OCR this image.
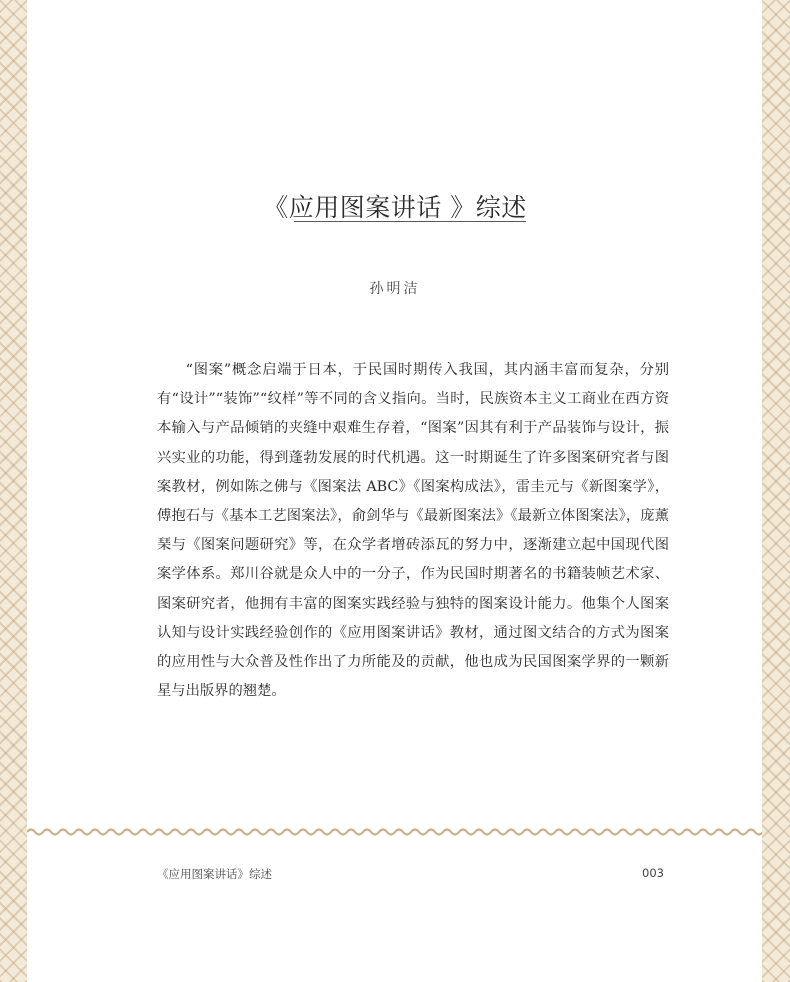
《应用图案讲话 》综述
孙明洁

“图案”概念启端于日本，于民国时期传入我国，其内涵丰富而复杂，分别有“设计”“装饰”“纹样”等不同的含义指向。当时，民族资本主义工商业在西方资本输入与产品倾销的夹缝中艰难生存着，“图案”因其有利于产品装饰与设计，振兴实业的功能，得到蓬勃发展的时代机遇。这一时期诞生了许多图案研究者与图案教材，例如陈之佛与《图案法 ABC》《图案构成法》，雷圭元与《新图案学》，傅抱石与《基本工艺图案法》，俞剑华与《最新图案法》《最新立体图案法》，庞薰琹与《图案问题研究》等，在众学者增砖添瓦的努力中，逐渐建立起中国现代图案学体系。郑川谷就是众人中的一分子，作为民国时期著名的书籍装帧艺术家、图案研究者，他拥有丰富的图案实践经验与独特的图案设计能力。他集个人图案认知与设计实践经验创作的《应用图案讲话》教材，通过图文结合的方式为图案的应用性与大众普及性作出了力所能及的贡献，他也成为民国图案学界的一颗新星与出版界的翘楚。

《应用图案讲话》综述	003
